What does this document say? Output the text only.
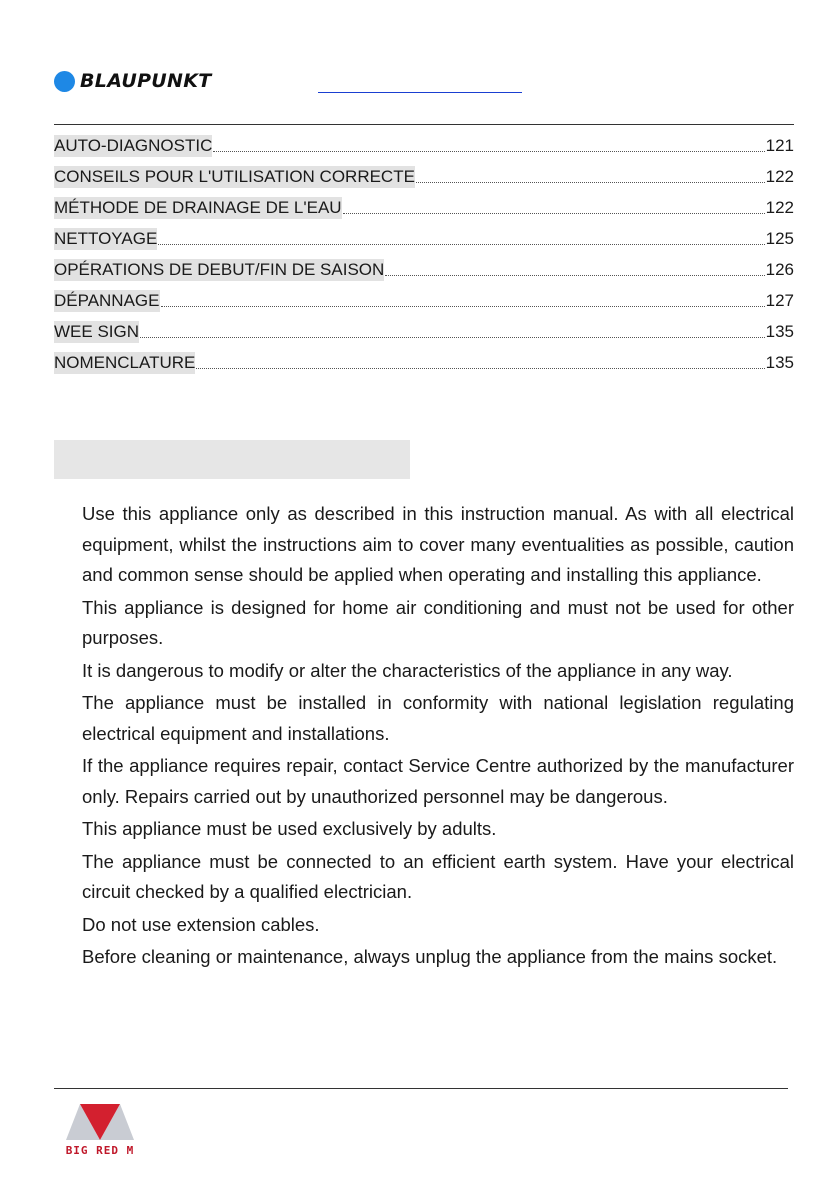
BLAUPUNKT
AUTO-DIAGNOSTIC	121
CONSEILS POUR L'UTILISATION CORRECTE	122
MÉTHODE DE DRAINAGE DE L'EAU	122
NETTOYAGE	125
OPÉRATIONS DE DEBUT/FIN DE SAISON	126
DÉPANNAGE	127
WEE SIGN	135
NOMENCLATURE	135
Use this appliance only as described in this instruction manual. As with all electrical equipment, whilst the instructions aim to cover many eventualities as possible, caution and common sense should be applied when operating and installing this appliance.
This appliance is designed for home air conditioning and must not be used for other purposes.
It is dangerous to modify or alter the characteristics of the appliance in any way.
The appliance must be installed in conformity with national legislation regulating electrical equipment and installations.
If the appliance requires repair, contact Service Centre authorized by the manufacturer only. Repairs carried out by unauthorized personnel may be dangerous.
This appliance must be used exclusively by adults.
The appliance must be connected to an efficient earth system. Have your electrical circuit checked by a qualified electrician.
Do not use extension cables.
Before cleaning or maintenance, always unplug the appliance from the mains socket.
BIG RED M
